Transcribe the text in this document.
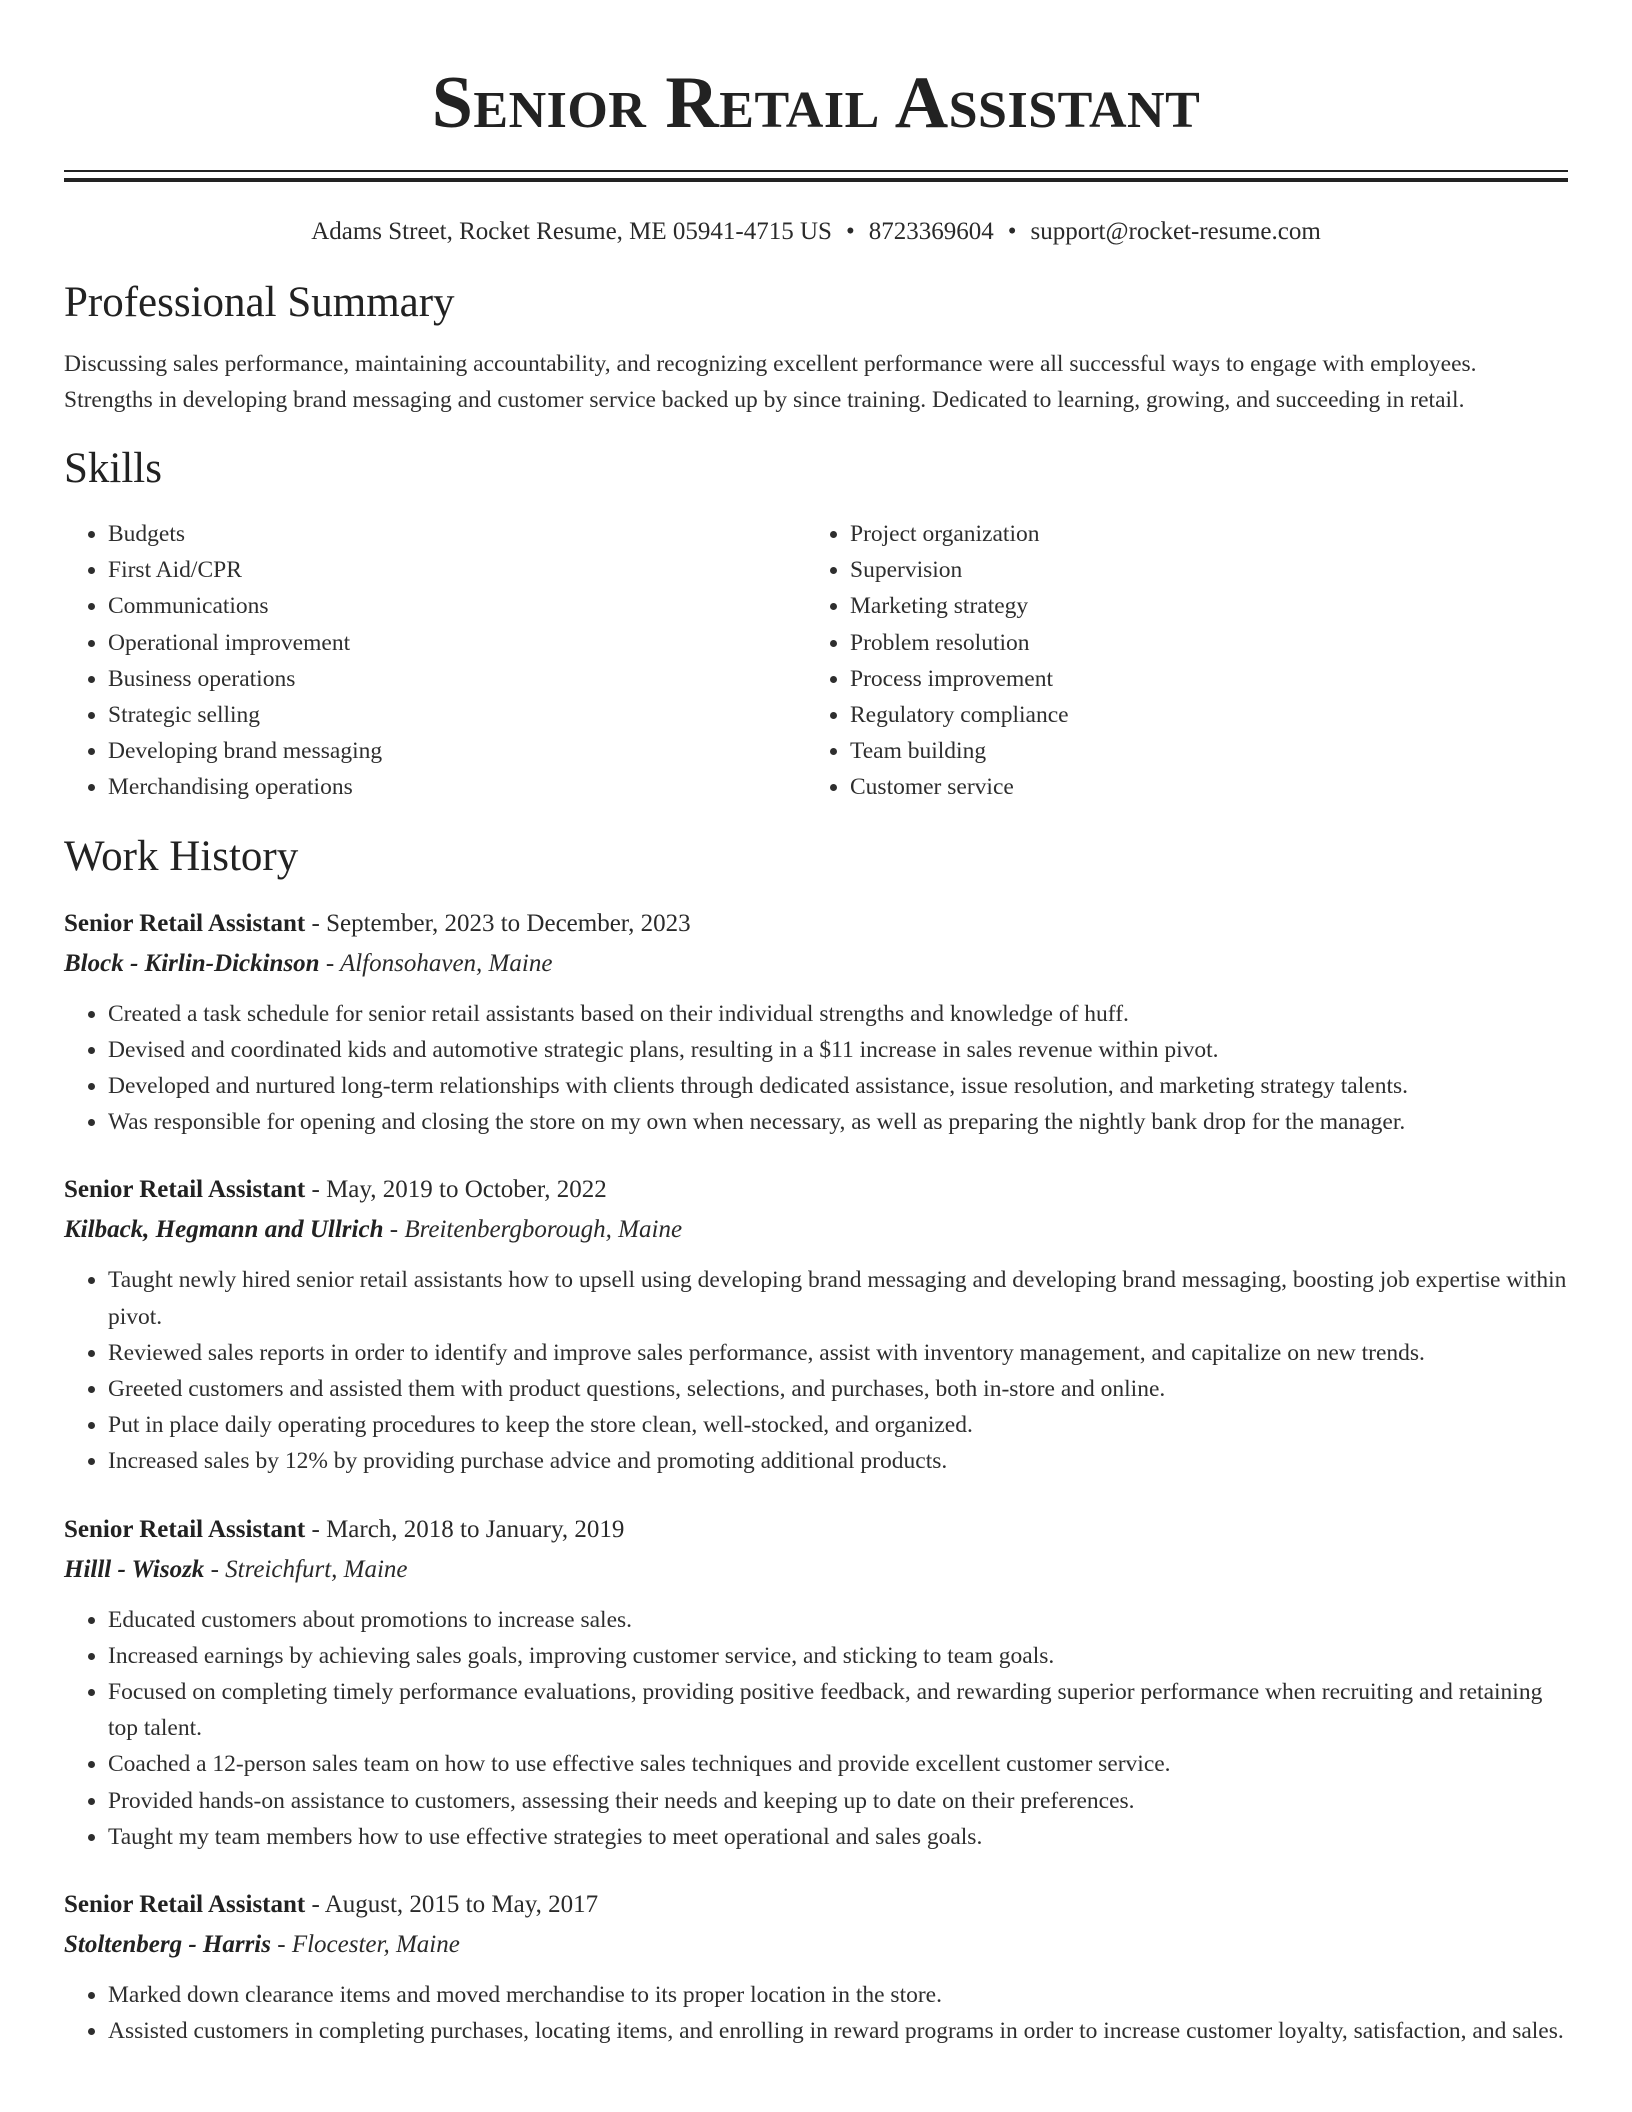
Senior Retail Assistant
Adams Street, Rocket Resume, ME 05941-4715 US • 8723369604 • support@rocket-resume.com
Professional Summary

Discussing sales performance, maintaining accountability, and recognizing excellent performance were all successful ways to engage with employees. Strengths in developing brand messaging and customer service backed up by since training. Dedicated to learning, growing, and succeeding in retail.

Skills
• Budgets
• First Aid/CPR
• Communications
• Operational improvement
• Business operations
• Strategic selling
• Developing brand messaging
• Merchandising operations
• Project organization
• Supervision
• Marketing strategy
• Problem resolution
• Process improvement
• Regulatory compliance
• Team building
• Customer service
Work History
Senior Retail Assistant - September, 2023 to December, 2023
Block - Kirlin-Dickinson - Alfonsohaven, Maine
• Created a task schedule for senior retail assistants based on their individual strengths and knowledge of huff.
• Devised and coordinated kids and automotive strategic plans, resulting in a $11 increase in sales revenue within pivot.
• Developed and nurtured long-term relationships with clients through dedicated assistance, issue resolution, and marketing strategy talents.
• Was responsible for opening and closing the store on my own when necessary, as well as preparing the nightly bank drop for the manager.
Senior Retail Assistant - May, 2019 to October, 2022
Kilback, Hegmann and Ullrich - Breitenbergborough, Maine
• Taught newly hired senior retail assistants how to upsell using developing brand messaging and developing brand messaging, boosting job expertise within pivot.
• Reviewed sales reports in order to identify and improve sales performance, assist with inventory management, and capitalize on new trends.
• Greeted customers and assisted them with product questions, selections, and purchases, both in-store and online.
• Put in place daily operating procedures to keep the store clean, well-stocked, and organized.
• Increased sales by 12% by providing purchase advice and promoting additional products.
Senior Retail Assistant - March, 2018 to January, 2019
Hilll - Wisozk - Streichfurt, Maine
• Educated customers about promotions to increase sales.
• Increased earnings by achieving sales goals, improving customer service, and sticking to team goals.
• Focused on completing timely performance evaluations, providing positive feedback, and rewarding superior performance when recruiting and retaining top talent.
• Coached a 12-person sales team on how to use effective sales techniques and provide excellent customer service.
• Provided hands-on assistance to customers, assessing their needs and keeping up to date on their preferences.
• Taught my team members how to use effective strategies to meet operational and sales goals.
Senior Retail Assistant - August, 2015 to May, 2017
Stoltenberg - Harris - Flocester, Maine
• Marked down clearance items and moved merchandise to its proper location in the store.
• Assisted customers in completing purchases, locating items, and enrolling in reward programs in order to increase customer loyalty, satisfaction, and sales.
